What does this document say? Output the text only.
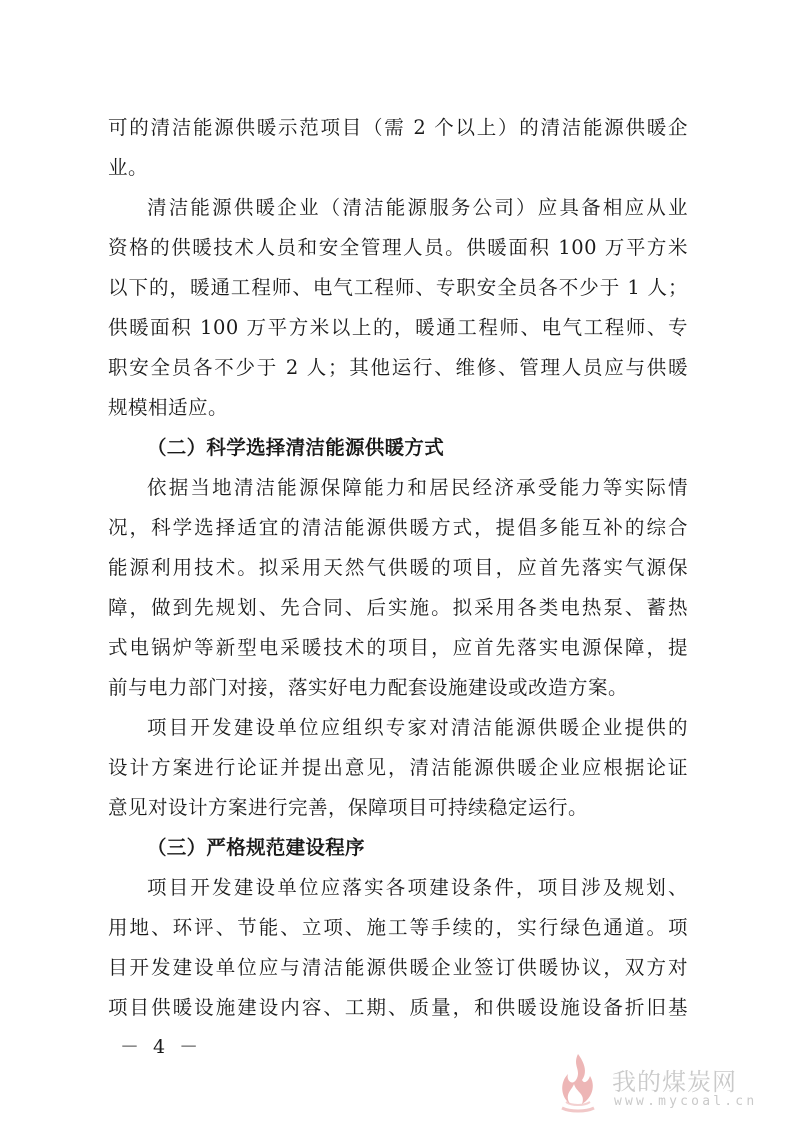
可的清洁能源供暖示范项目（需 2 个以上）的清洁能源供暖企
业。
清洁能源供暖企业（清洁能源服务公司）应具备相应从业
资格的供暖技术人员和安全管理人员。供暖面积 100 万平方米
以下的，暖通工程师、电气工程师、专职安全员各不少于 1 人；
供暖面积 100 万平方米以上的，暖通工程师、电气工程师、专
职安全员各不少于 2 人；其他运行、维修、管理人员应与供暖
规模相适应。
（二）科学选择清洁能源供暖方式
依据当地清洁能源保障能力和居民经济承受能力等实际情
况，科学选择适宜的清洁能源供暖方式，提倡多能互补的综合
能源利用技术。拟采用天然气供暖的项目，应首先落实气源保
障，做到先规划、先合同、后实施。拟采用各类电热泵、蓄热
式电锅炉等新型电采暖技术的项目，应首先落实电源保障，提
前与电力部门对接，落实好电力配套设施建设或改造方案。
项目开发建设单位应组织专家对清洁能源供暖企业提供的
设计方案进行论证并提出意见，清洁能源供暖企业应根据论证
意见对设计方案进行完善，保障项目可持续稳定运行。
（三）严格规范建设程序
项目开发建设单位应落实各项建设条件，项目涉及规划、
用地、环评、节能、立项、施工等手续的，实行绿色通道。项
目开发建设单位应与清洁能源供暖企业签订供暖协议，双方对
项目供暖设施建设内容、工期、质量，和供暖设施设备折旧基
－ 4 －
我的煤炭网
www.mycoal.cn
